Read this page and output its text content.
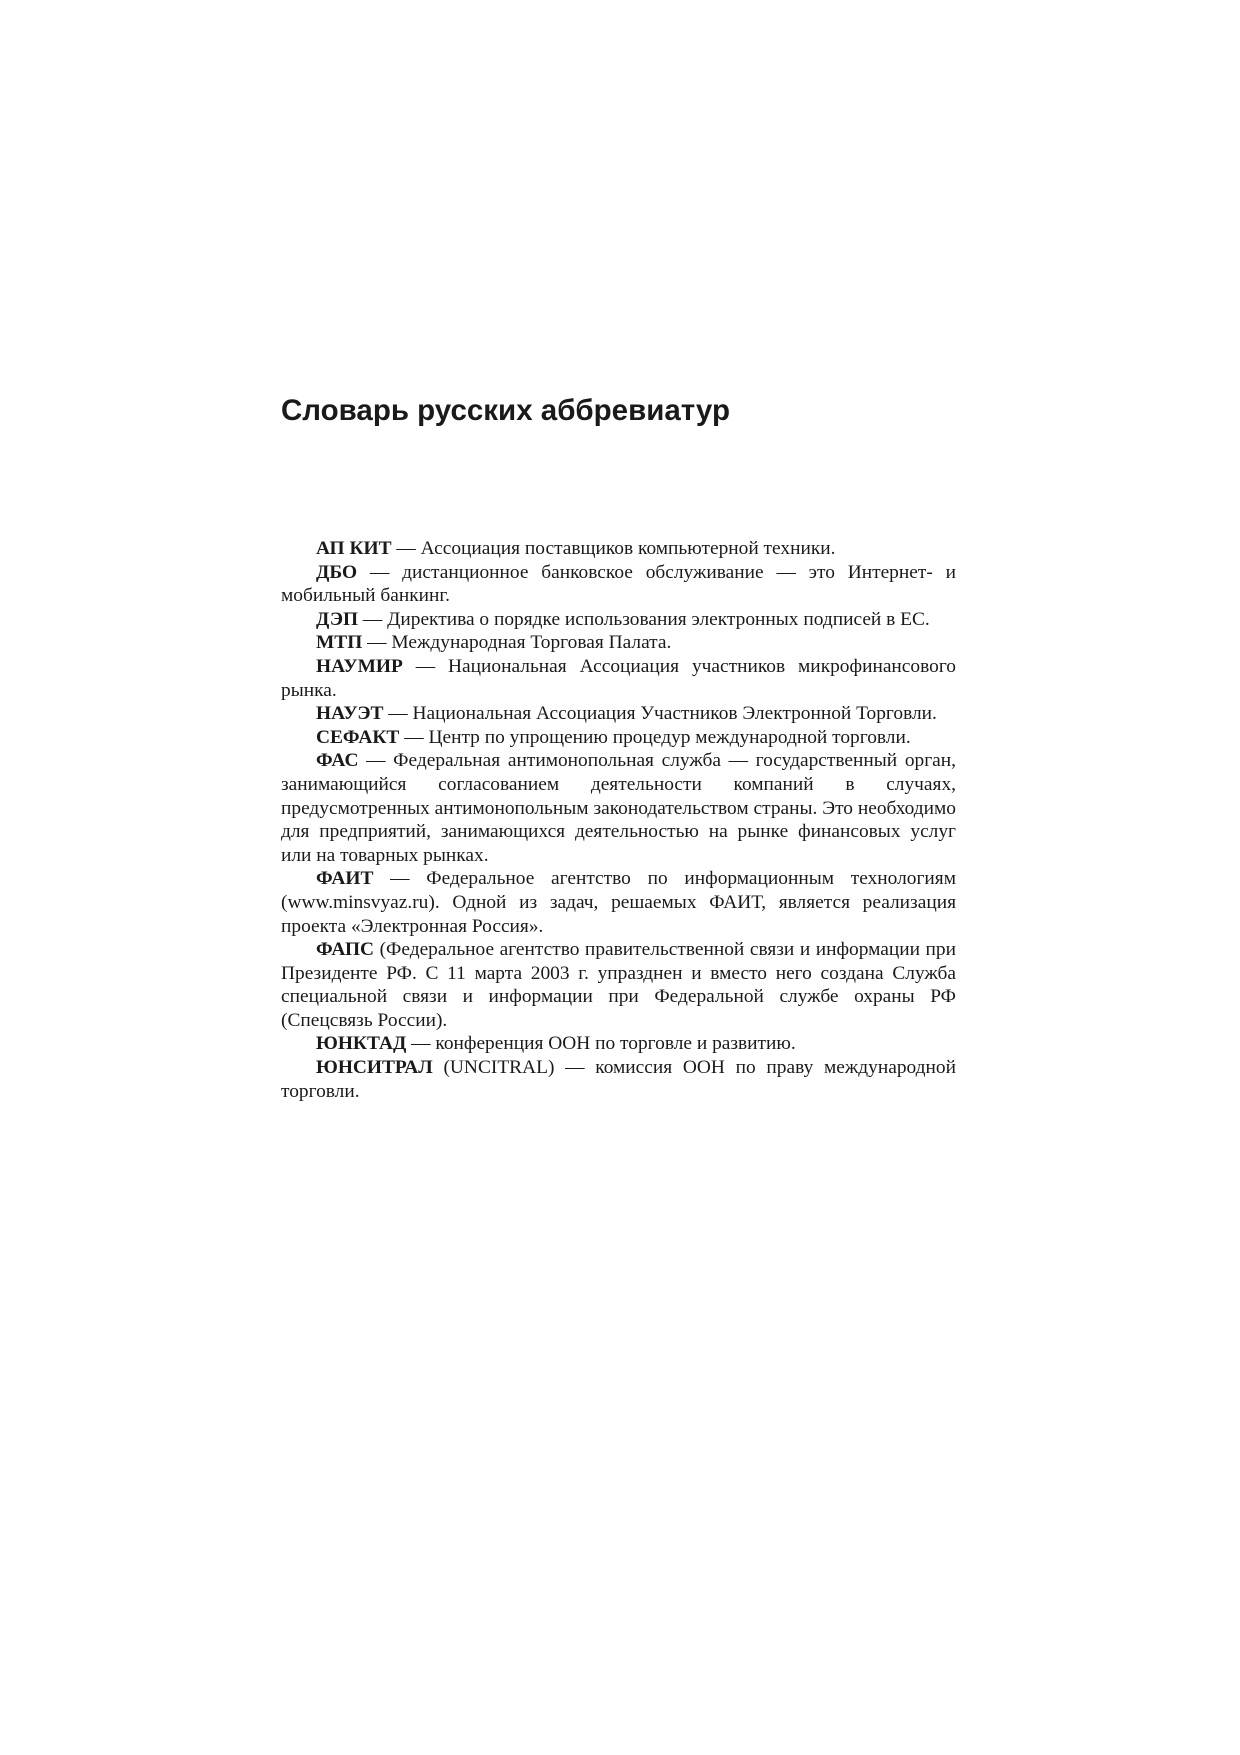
Словарь русских аббревиатур

АП КИТ — Ассоциация поставщиков компьютерной техники.

ДБО — дистанционное банковское обслуживание — это Интернет- и мобильный банкинг.

ДЭП — Директива о порядке использования электронных подписей в ЕС.

МТП — Международная Торговая Палата.

НАУМИР — Национальная Ассоциация участников микрофинансового рынка.

НАУЭТ — Национальная Ассоциация Участников Электронной Торговли.

СЕФАКТ — Центр по упрощению процедур международной торговли.

ФАС — Федеральная антимонопольная служба — государственный орган, занимающийся согласованием деятельности компаний в случаях, предусмотренных антимонопольным законодательством страны. Это необходимо для предприятий, занимающихся деятельностью на рынке финансовых услуг или на товарных рынках.

ФАИТ — Федеральное агентство по информационным технологиям (www.minsvyaz.ru). Одной из задач, решаемых ФАИТ, является реализация проекта «Электронная Россия».

ФАПС (Федеральное агентство правительственной связи и информации при Президенте РФ. С 11 марта 2003 г. упразднен и вместо него создана Служба специальной связи и информации при Федеральной службе охраны РФ (Спецсвязь России).

ЮНКТАД — конференция ООН по торговле и развитию.

ЮНСИТРАЛ (UNCITRAL) — комиссия ООН по праву международной торговли.
